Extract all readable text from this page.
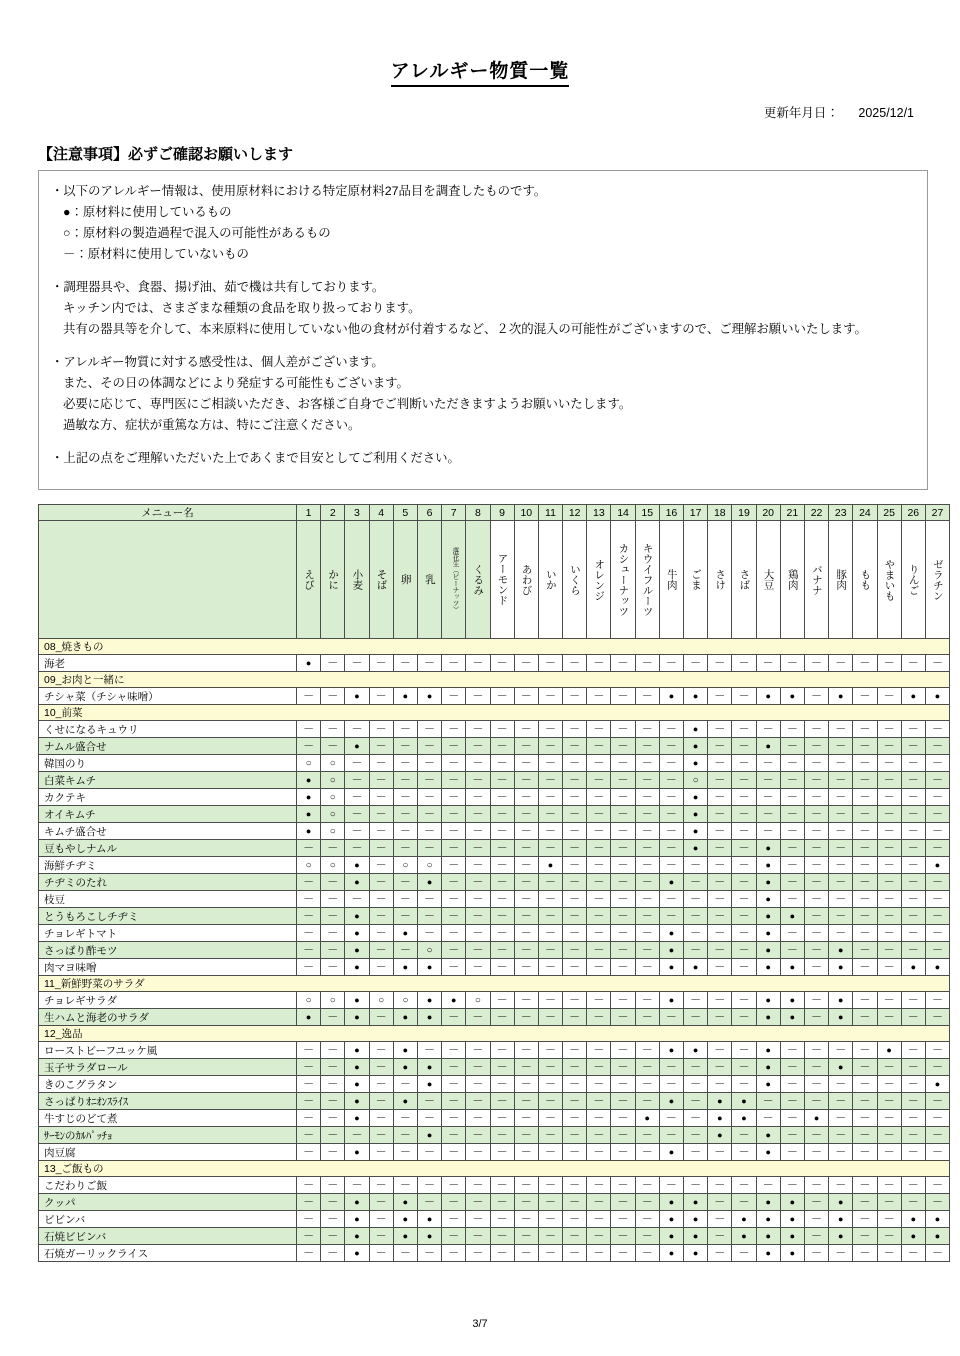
アレルギー物質一覧
更新年月日： 2025/12/1
【注意事項】必ずご確認お願いします
・以下のアレルギー情報は、使用原材料における特定原材料27品目を調査したものです。
●：原材料に使用しているもの
○：原材料の製造過程で混入の可能性があるもの
－：原材料に使用していないもの
・調理器具や、食器、揚げ油、茹で機は共有しております。
キッチン内では、さまざまな種類の食品を取り扱っております。
共有の器具等を介して、本来原料に使用していない他の食材が付着するなど、２次的混入の可能性がございますので、ご理解お願いいたします。
・アレルギー物質に対する感受性は、個人差がございます。
また、その日の体調などにより発症する可能性もございます。
必要に応じて、専門医にご相談いただき、お客様ご自身でご判断いただきますようお願いいたします。
過敏な方、症状が重篤な方は、特にご注意ください。
・上記の点をご理解いただいた上であくまで目安としてご利用ください。
メニュー名	1	2	3	4	5	6	7	8	9	10	11	12	13	14	15	16	17	18	19	20	21	22	23	24	25	26	27

えび	かに	小麦	そば	卵	乳	落花生（ピーナッツ）	くるみ	アーモンド	あわび	いか	いくら	オレンジ	カシューナッツ	キウイフルーツ	牛肉	ごま	さけ	さば	大豆	鶏肉	バナナ	豚肉	もも	やまいも	りんご	ゼラチン

08_焼きもの																											
海老	●	－	－	－	－	－	－	－	－	－	－	－	－	－	－	－	－	－	－	－	－	－	－	－	－	－	－
09_お肉と一緒に																											
チシャ菜（チシャ味噌）	－	－	●	－	●	●	－	－	－	－	－	－	－	－	－	●	●	－	－	●	●	－	●	－	－	●	●
10_前菜																											
くせになるキュウリ	－	－	－	－	－	－	－	－	－	－	－	－	－	－	－	－	●	－	－	－	－	－	－	－	－	－	－
ナムル盛合せ	－	－	●	－	－	－	－	－	－	－	－	－	－	－	－	－	●	－	－	●	－	－	－	－	－	－	－
韓国のり	○	○	－	－	－	－	－	－	－	－	－	－	－	－	－	－	●	－	－	－	－	－	－	－	－	－	－
白菜キムチ	●	○	－	－	－	－	－	－	－	－	－	－	－	－	－	－	○	－	－	－	－	－	－	－	－	－	－
カクテキ	●	○	－	－	－	－	－	－	－	－	－	－	－	－	－	－	●	－	－	－	－	－	－	－	－	－	－
オイキムチ	●	○	－	－	－	－	－	－	－	－	－	－	－	－	－	－	●	－	－	－	－	－	－	－	－	－	－
キムチ盛合せ	●	○	－	－	－	－	－	－	－	－	－	－	－	－	－	－	●	－	－	－	－	－	－	－	－	－	－
豆もやしナムル	－	－	－	－	－	－	－	－	－	－	－	－	－	－	－	－	●	－	－	●	－	－	－	－	－	－	－
海鮮チヂミ	○	○	●	－	○	○	－	－	－	－	●	－	－	－	－	－	－	－	－	●	－	－	－	－	－	－	●
チヂミのたれ	－	－	●	－	－	●	－	－	－	－	－	－	－	－	－	●	－	－	－	●	－	－	－	－	－	－	－
枝豆	－	－	－	－	－	－	－	－	－	－	－	－	－	－	－	－	－	－	－	●	－	－	－	－	－	－	－
とうもろこしチヂミ	－	－	●	－	－	－	－	－	－	－	－	－	－	－	－	－	－	－	－	●	●	－	－	－	－	－	－
チョレギトマト	－	－	●	－	●	－	－	－	－	－	－	－	－	－	－	●	－	－	－	●	－	－	－	－	－	－	－
さっぱり酢モツ	－	－	●	－	－	○	－	－	－	－	－	－	－	－	－	●	－	－	－	●	－	－	●	－	－	－	－
肉マヨ味噌	－	－	●	－	●	●	－	－	－	－	－	－	－	－	－	●	●	－	－	●	●	－	●	－	－	●	●
11_新鮮野菜のサラダ																											
チョレギサラダ	○	○	●	○	○	●	●	○	－	－	－	－	－	－	－	●	－	－	－	●	●	－	●	－	－	－	－
生ハムと海老のサラダ	●	－	●	－	●	●	－	－	－	－	－	－	－	－	－	－	－	－	－	●	●	－	●	－	－	－	－
12_逸品																											
ローストビーフユッケ風	－	－	●	－	●	－	－	－	－	－	－	－	－	－	－	●	●	－	－	●	－	－	－	－	●	－	－
玉子サラダロール	－	－	●	－	●	●	－	－	－	－	－	－	－	－	－	－	－	－	－	●	－	－	●	－	－	－	－
きのこグラタン	－	－	●	－	－	●	－	－	－	－	－	－	－	－	－	－	－	－	－	●	－	－	－	－	－	－	●
さっぱりｵﾆｵﾝｽﾗｲｽ	－	－	●	－	●	－	－	－	－	－	－	－	－	－	－	●	－	●	●	－	－	－	－	－	－	－	－
牛すじのどて煮	－	－	●	－	－	－	－	－	－	－	－	－	－	－	●	－	－	●	●	－	－	●	－	－	－	－	－
ｻｰﾓﾝのｶﾙﾊﾟｯﾁｮ	－	－	－	－	－	●	－	－	－	－	－	－	－	－	－	－	－	●	－	●	－	－	－	－	－	－	－
肉豆腐	－	－	●	－	－	－	－	－	－	－	－	－	－	－	－	●	－	－	－	●	－	－	－	－	－	－	－
13_ご飯もの																											
こだわりご飯	－	－	－	－	－	－	－	－	－	－	－	－	－	－	－	－	－	－	－	－	－	－	－	－	－	－	－
クッパ	－	－	●	－	●	－	－	－	－	－	－	－	－	－	－	●	●	－	－	●	●	－	●	－	－	－	－
ビビンバ	－	－	●	－	●	●	－	－	－	－	－	－	－	－	－	●	●	－	●	●	●	－	●	－	－	●	●
石焼ビビンバ	－	－	●	－	●	●	－	－	－	－	－	－	－	－	－	●	●	－	●	●	●	－	●	－	－	●	●
石焼ガーリックライス	－	－	●	－	－	－	－	－	－	－	－	－	－	－	－	●	●	－	－	●	●	－	－	－	－	－	－
3/7
